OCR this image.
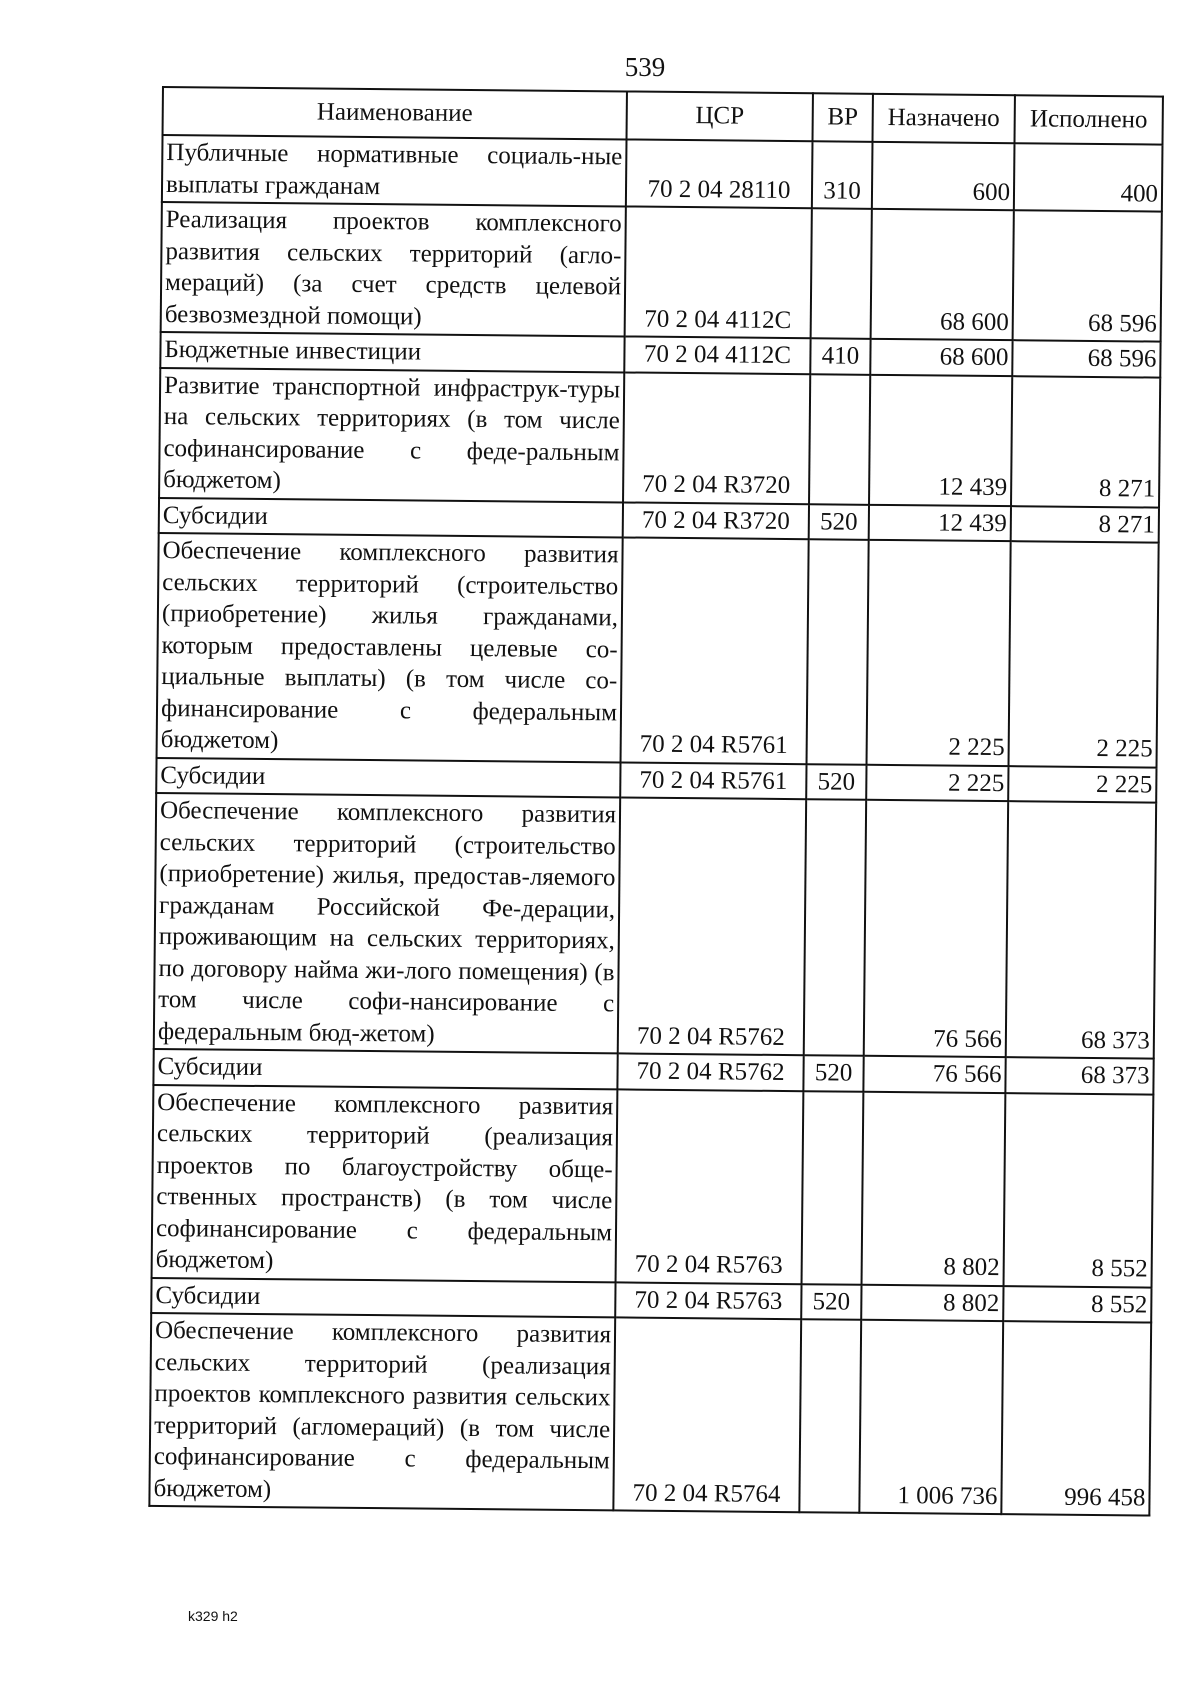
539
Наименование	ЦСР	ВР	Назначено	Исполнено
Публичные нормативные социаль-ные выплаты гражданам	70 2 04 28110	310	600	400
Реализация проектов комплексного развития сельских территорий (агло-мераций) (за счет средств целевой безвозмездной помощи)	70 2 04 4112С		68 600	68 596
Бюджетные инвестиции	70 2 04 4112С	410	68 600	68 596
Развитие транспортной инфраструк-туры на сельских территориях (в том числе софинансирование с феде-ральным бюджетом)	70 2 04 R3720		12 439	8 271
Субсидии	70 2 04 R3720	520	12 439	8 271
Обеспечение комплексного развития сельских территорий (строительство (приобретение) жилья гражданами, которым предоставлены целевые со-циальные выплаты) (в том числе со-финансирование с федеральным бюджетом)	70 2 04 R5761		2 225	2 225
Субсидии	70 2 04 R5761	520	2 225	2 225
Обеспечение комплексного развития сельских территорий (строительство (приобретение) жилья, предостав-ляемого гражданам Российской Фе-дерации, проживающим на сельских территориях, по договору найма жи-лого помещения) (в том числе софи-нансирование с федеральным бюд-жетом)	70 2 04 R5762		76 566	68 373
Субсидии	70 2 04 R5762	520	76 566	68 373
Обеспечение комплексного развития сельских территорий (реализация проектов по благоустройству обще-ственных пространств) (в том числе софинансирование с федеральным бюджетом)	70 2 04 R5763		8 802	8 552
Субсидии	70 2 04 R5763	520	8 802	8 552
Обеспечение комплексного развития сельских территорий (реализация проектов комплексного развития сельских территорий (агломераций) (в том числе софинансирование с федеральным бюджетом)	70 2 04 R5764		1 006 736	996 458
k329 h2
